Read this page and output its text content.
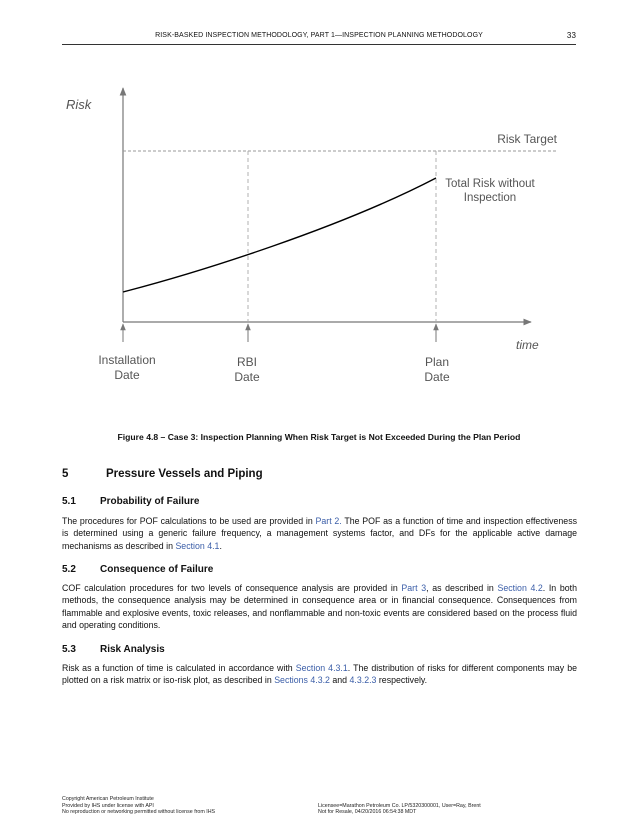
RISK-BASKED INSPECTION METHODOLOGY, PART 1—INSPECTION PLANNING METHODOLOGY	33
Risk
time
Risk Target
Total Risk without
Inspection
Installation
Date
RBI
Date
Plan
Date
Figure 4.8 – Case 3: Inspection Planning When Risk Target is Not Exceeded During the Plan Period
5	Pressure Vessels and Piping
5.1 Probability of Failure
The procedures for POF calculations to be used are provided in Part 2. The POF as a function of time and inspection effectiveness is determined using a generic failure frequency, a management systems factor, and DFs for the applicable active damage mechanisms as described in Section 4.1.
5.2 Consequence of Failure
COF calculation procedures for two levels of consequence analysis are provided in Part 3, as described in Section 4.2. In both methods, the consequence analysis may be determined in consequence area or in financial consequence. Consequences from flammable and explosive events, toxic releases, and nonflammable and non-toxic events are considered based on the process fluid and operating conditions.
5.3 Risk Analysis
Risk as a function of time is calculated in accordance with Section 4.3.1. The distribution of risks for different components may be plotted on a risk matrix or iso-risk plot, as described in Sections 4.3.2 and 4.3.2.3 respectively.
Copyright American Petroleum Institute
Provided by IHS under license with API
No reproduction or networking permitted without license from IHS
Licensee=Marathon Petroleum Co. LP/5320300001, User=Ray, Brent
Not for Resale, 04/20/2016 06:54:38 MDT
